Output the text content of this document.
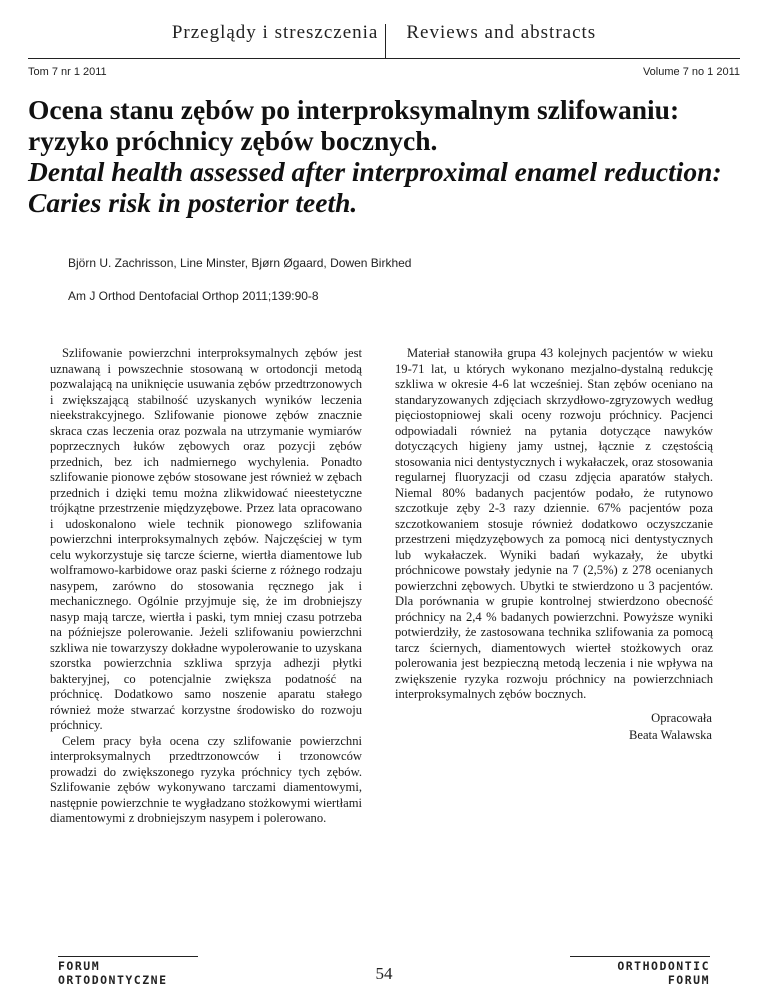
Przeglądy i streszczenia Reviews and abstracts
Tom 7 nr 1 2011	Volume 7 no 1 2011
Ocena stanu zębów po interproksymalnym szlifowaniu:
ryzyko próchnicy zębów bocznych.
Dental health assessed after interproximal enamel reduction:
Caries risk in posterior teeth.
Björn U. Zachrisson, Line Minster, Bjørn Øgaard, Dowen Birkhed
Am J Orthod Dentofacial Orthop 2011;139:90-8

Szlifowanie powierzchni interproksymalnych zębów jest uznawaną i powszechnie stosowaną w ortodoncji metodą pozwalającą na uniknięcie usuwania zębów przedtrzonowych i zwiększającą stabilność uzyskanych wyników leczenia nieekstrakcyjnego. Szlifowanie pionowe zębów znacznie skraca czas leczenia oraz pozwala na utrzymanie wymiarów poprzecznych łuków zębowych oraz pozycji zębów przednich, bez ich nadmiernego wychylenia. Ponadto szlifowanie pionowe zębów stosowane jest również w zębach przednich i dzięki temu można zlikwidować nieestetyczne trójkątne przestrzenie międzyzębowe. Przez lata opracowano i udoskonalono wiele technik pionowego szlifowania powierzchni interproksymalnych zębów. Najczęściej w tym celu wykorzystuje się tarcze ścierne, wiertła diamentowe lub wolframowo-karbidowe oraz paski ścierne z różnego rodzaju nasypem, zarówno do stosowania ręcznego jak i mechanicznego. Ogólnie przyjmuje się, że im drobniejszy nasyp mają tarcze, wiertła i paski, tym mniej czasu potrzeba na późniejsze polerowanie. Jeżeli szlifowaniu powierzchni szkliwa nie towarzyszy dokładne wypolerowanie to uzyskana szorstka powierzchnia szkliwa sprzyja adhezji płytki bakteryjnej, co potencjalnie zwiększa podatność na próchnicę. Dodatkowo samo noszenie aparatu stałego również może stwarzać korzystne środowisko do rozwoju próchnicy.

Celem pracy była ocena czy szlifowanie powierzchni interproksymalnych przedtrzonowców i trzonowców prowadzi do zwiększonego ryzyka próchnicy tych zębów. Szlifowanie zębów wykonywano tarczami diamentowymi, następnie powierzchnie te wygładzano stożkowymi wiertłami diamentowymi z drobniejszym nasypem i polerowano.

Materiał stanowiła grupa 43 kolejnych pacjentów w wieku 19-71 lat, u których wykonano mezjalno-dystalną redukcję szkliwa w okresie 4-6 lat wcześniej. Stan zębów oceniano na standaryzowanych zdjęciach skrzydłowo-zgryzowych według pięciostopniowej skali oceny rozwoju próchnicy. Pacjenci odpowiadali również na pytania dotyczące nawyków dotyczących higieny jamy ustnej, łącznie z częstością stosowania nici dentystycznych i wykałaczek, oraz stosowania regularnej fluoryzacji od czasu zdjęcia aparatów stałych. Niemal 80% badanych pacjentów podało, że rutynowo szczotkuje zęby 2-3 razy dziennie. 67% pacjentów poza szczotkowaniem stosuje również dodatkowo oczyszczanie przestrzeni międzyzębowych za pomocą nici dentystycznych lub wykałaczek. Wyniki badań wykazały, że ubytki próchnicowe powstały jedynie na 7 (2,5%) z 278 ocenianych powierzchni zębowych. Ubytki te stwierdzono u 3 pacjentów. Dla porównania w grupie kontrolnej stwierdzono obecność próchnicy na 2,4 % badanych powierzchni. Powyższe wyniki potwierdziły, że zastosowana technika szlifowania za pomocą tarcz ściernych, diamentowych wierteł stożkowych oraz polerowania jest bezpieczną metodą leczenia i nie wpływa na zwiększenie ryzyka rozwoju próchnicy na powierzchniach interproksymalnych zębów bocznych.

Opracowała
Beata Walawska
FORUM
ORTODONTYCZNE	54	ORTHODONTIC
FORUM
